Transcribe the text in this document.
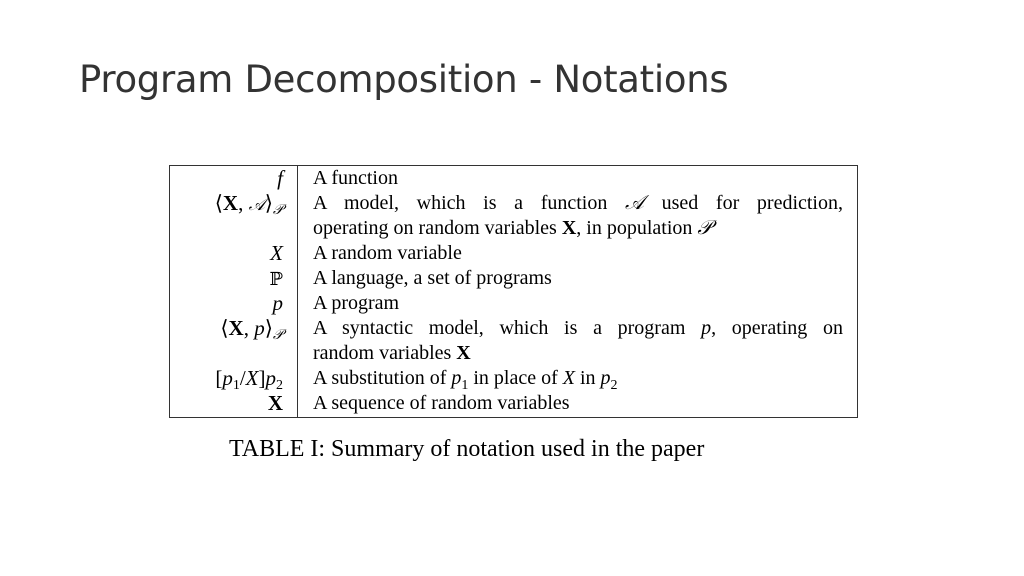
Program Decomposition - Notations
f A function
⟨X, 𝒜⟩𝒫 A model, which is a function 𝒜 used for prediction,
operating on random variables X, in population 𝒫
X A random variable
ℙ A language, a set of programs
p A program
⟨X, p⟩𝒫 A syntactic model, which is a program p, operating on
random variables X
[p1/X]p2 A substitution of $p_1$ in place of X in $p_2$
X A sequence of random variables
TABLE I: Summary of notation used in the paper
